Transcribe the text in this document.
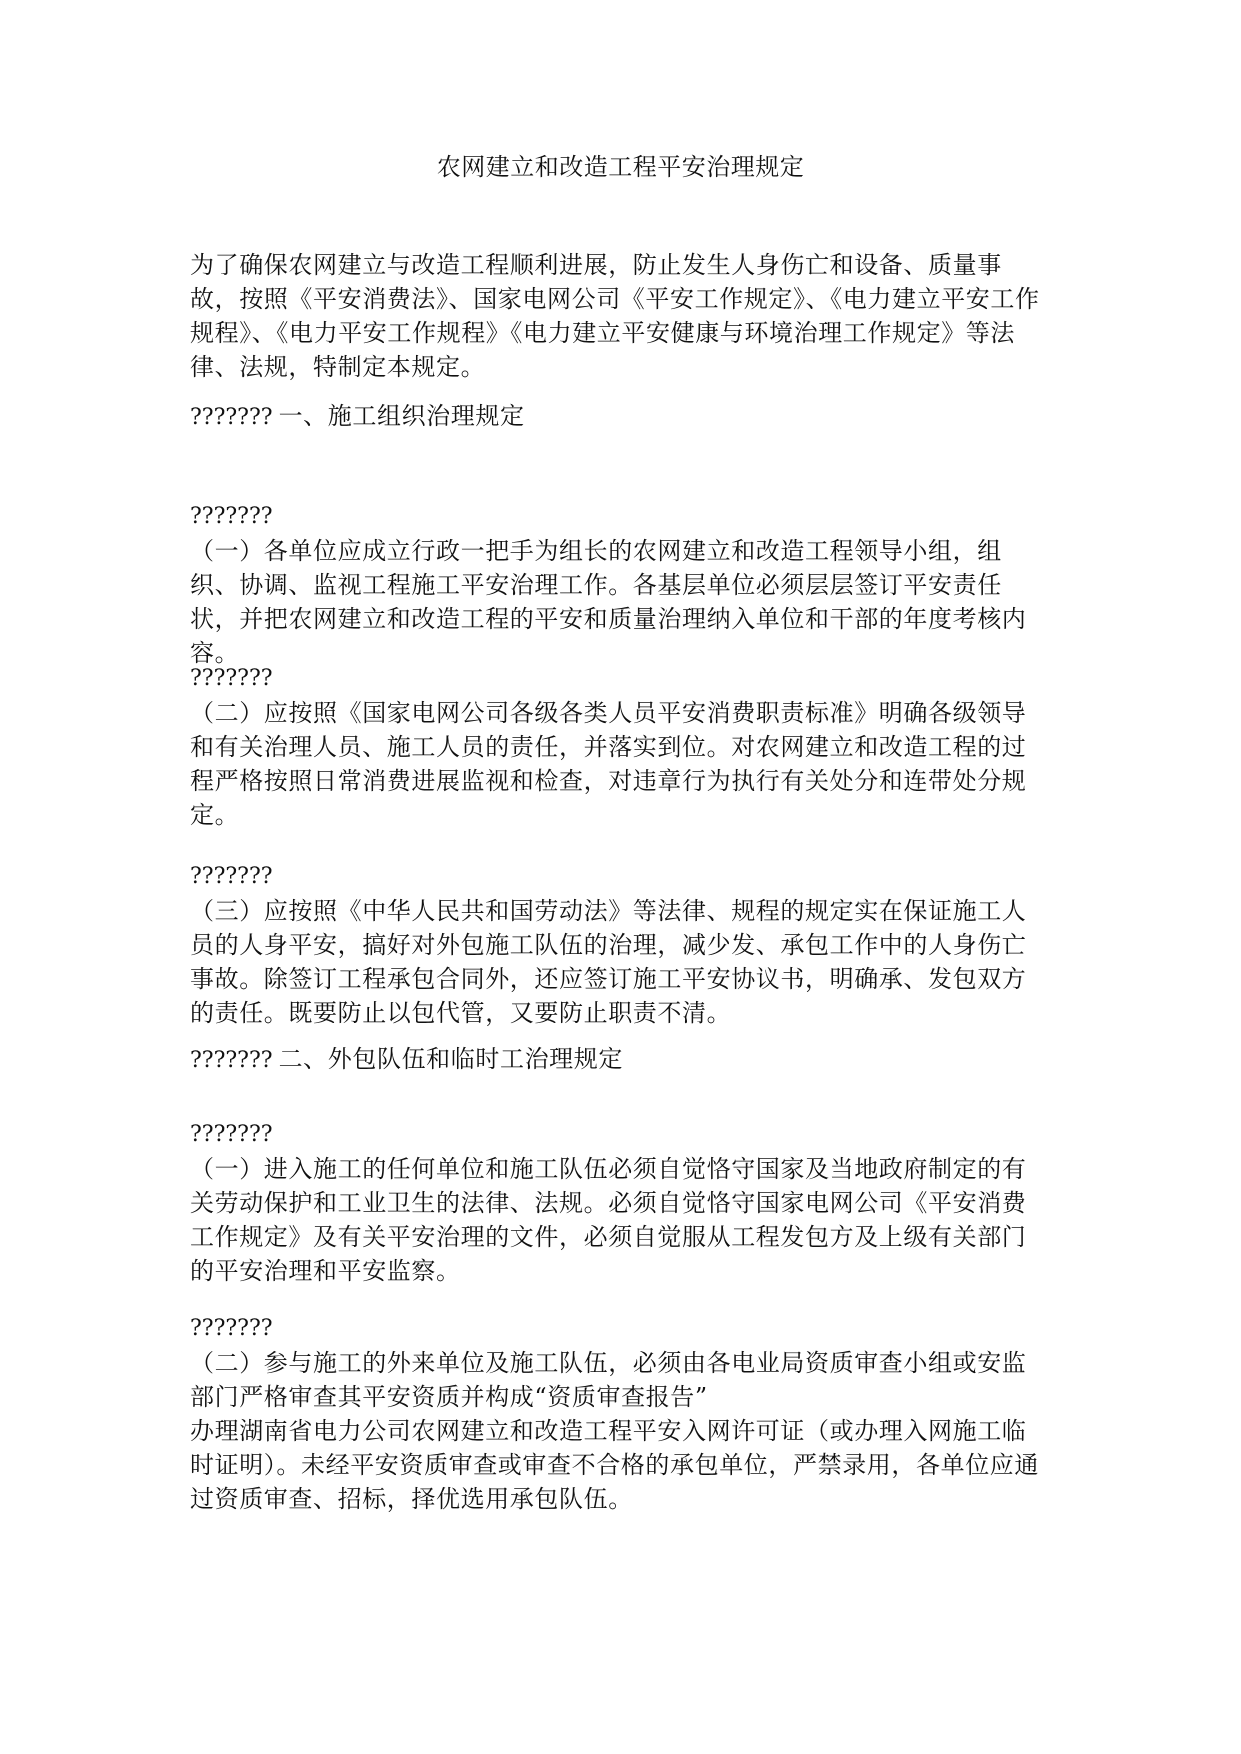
农网建立和改造工程平安治理规定

为了确保农网建立与改造工程顺利进展，防止发生人身伤亡和设备、质量事故，按照《平安消费法》、国家电网公司《平安工作规定》、《电力建立平安工作规程》、《电力平安工作规程》《电力建立平安健康与环境治理工作规定》等法律、法规，特制定本规定。

??????? 一、施工组织治理规定

???????

（一）各单位应成立行政一把手为组长的农网建立和改造工程领导小组，组织、协调、监视工程施工平安治理工作。各基层单位必须层层签订平安责任状，并把农网建立和改造工程的平安和质量治理纳入单位和干部的年度考核内容。

???????

（二）应按照《国家电网公司各级各类人员平安消费职责标准》明确各级领导和有关治理人员、施工人员的责任，并落实到位。对农网建立和改造工程的过程严格按照日常消费进展监视和检查，对违章行为执行有关处分和连带处分规定。

???????

（三）应按照《中华人民共和国劳动法》等法律、规程的规定实在保证施工人员的人身平安，搞好对外包施工队伍的治理，减少发、承包工作中的人身伤亡事故。除签订工程承包合同外，还应签订施工平安协议书，明确承、发包双方的责任。既要防止以包代管，又要防止职责不清。

??????? 二、外包队伍和临时工治理规定

???????

（一）进入施工的任何单位和施工队伍必须自觉恪守国家及当地政府制定的有关劳动保护和工业卫生的法律、法规。必须自觉恪守国家电网公司《平安消费工作规定》及有关平安治理的文件，必须自觉服从工程发包方及上级有关部门的平安治理和平安监察。

???????

（二）参与施工的外来单位及施工队伍，必须由各电业局资质审查小组或安监部门严格审查其平安资质并构成“资质审查报告”

办理湖南省电力公司农网建立和改造工程平安入网许可证（或办理入网施工临时证明）。未经平安资质审查或审查不合格的承包单位，严禁录用，各单位应通过资质审查、招标，择优选用承包队伍。
